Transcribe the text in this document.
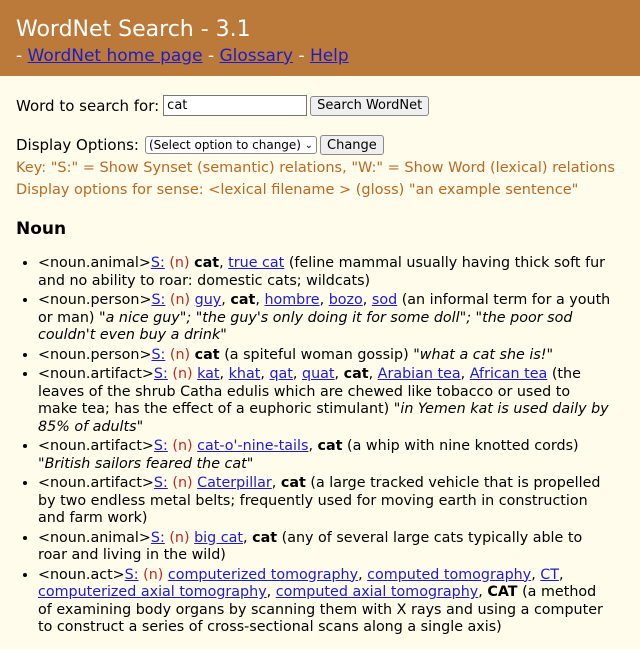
WordNet Search - 3.1
- WordNet home page - Glossary - Help
Word to search for:
cat	Search WordNet
Display Options: (Select option to change) ⌄	Change
Key: "S:" = Show Synset (semantic) relations, "W:" = Show Word (lexical) relations
Display options for sense: <lexical filename > (gloss) "an example sentence"
Noun
• <noun.animal>S: (n) cat, true cat (feline mammal usually having thick soft fur and no ability to roar: domestic cats; wildcats)
• <noun.person>S: (n) guy, cat, hombre, bozo, sod (an informal term for a youth or man) "a nice guy"; "the guy's only doing it for some doll"; "the poor sod couldn't even buy a drink"
• <noun.person>S: (n) cat (a spiteful woman gossip) "what a cat she is!"
• <noun.artifact>S: (n) kat, khat, qat, quat, cat, Arabian tea, African tea (the leaves of the shrub Catha edulis which are chewed like tobacco or used to make tea; has the effect of a euphoric stimulant) "in Yemen kat is used daily by 85% of adults"
• <noun.artifact>S: (n) cat-o'-nine-tails, cat (a whip with nine knotted cords) "British sailors feared the cat"
• <noun.artifact>S: (n) Caterpillar, cat (a large tracked vehicle that is propelled by two endless metal belts; frequently used for moving earth in construction and farm work)
• <noun.animal>S: (n) big cat, cat (any of several large cats typically able to roar and living in the wild)
• <noun.act>S: (n) computerized tomography, computed tomography, CT, computerized axial tomography, computed axial tomography, CAT (a method of examining body organs by scanning them with X rays and using a computer to construct a series of cross-sectional scans along a single axis)
